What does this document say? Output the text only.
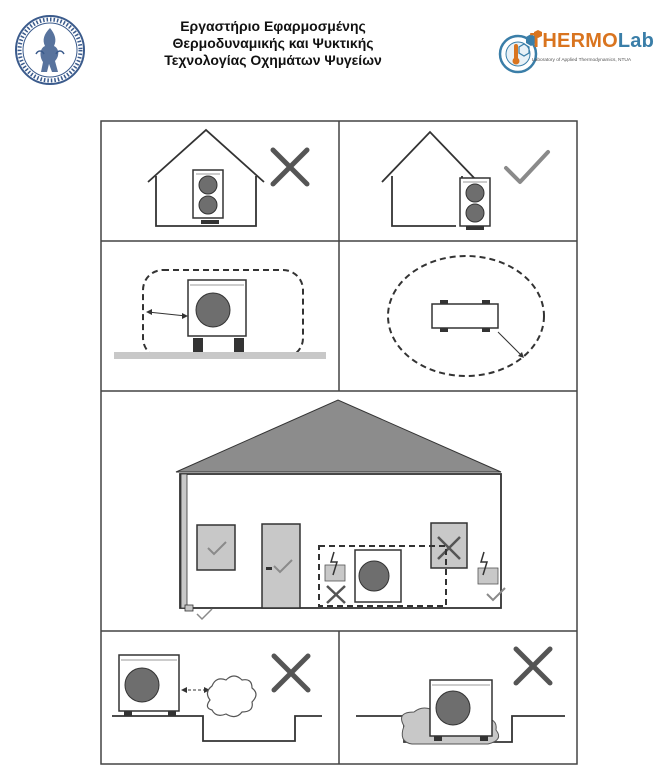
Εργαστήριο Εφαρμοσμένης
Θερμοδυναμικής και Ψυκτικής
Τεχνολογίας Οχημάτων Ψυγείων
THERMOLab
Laboratory of Applied Thermodynamics, NTUA
